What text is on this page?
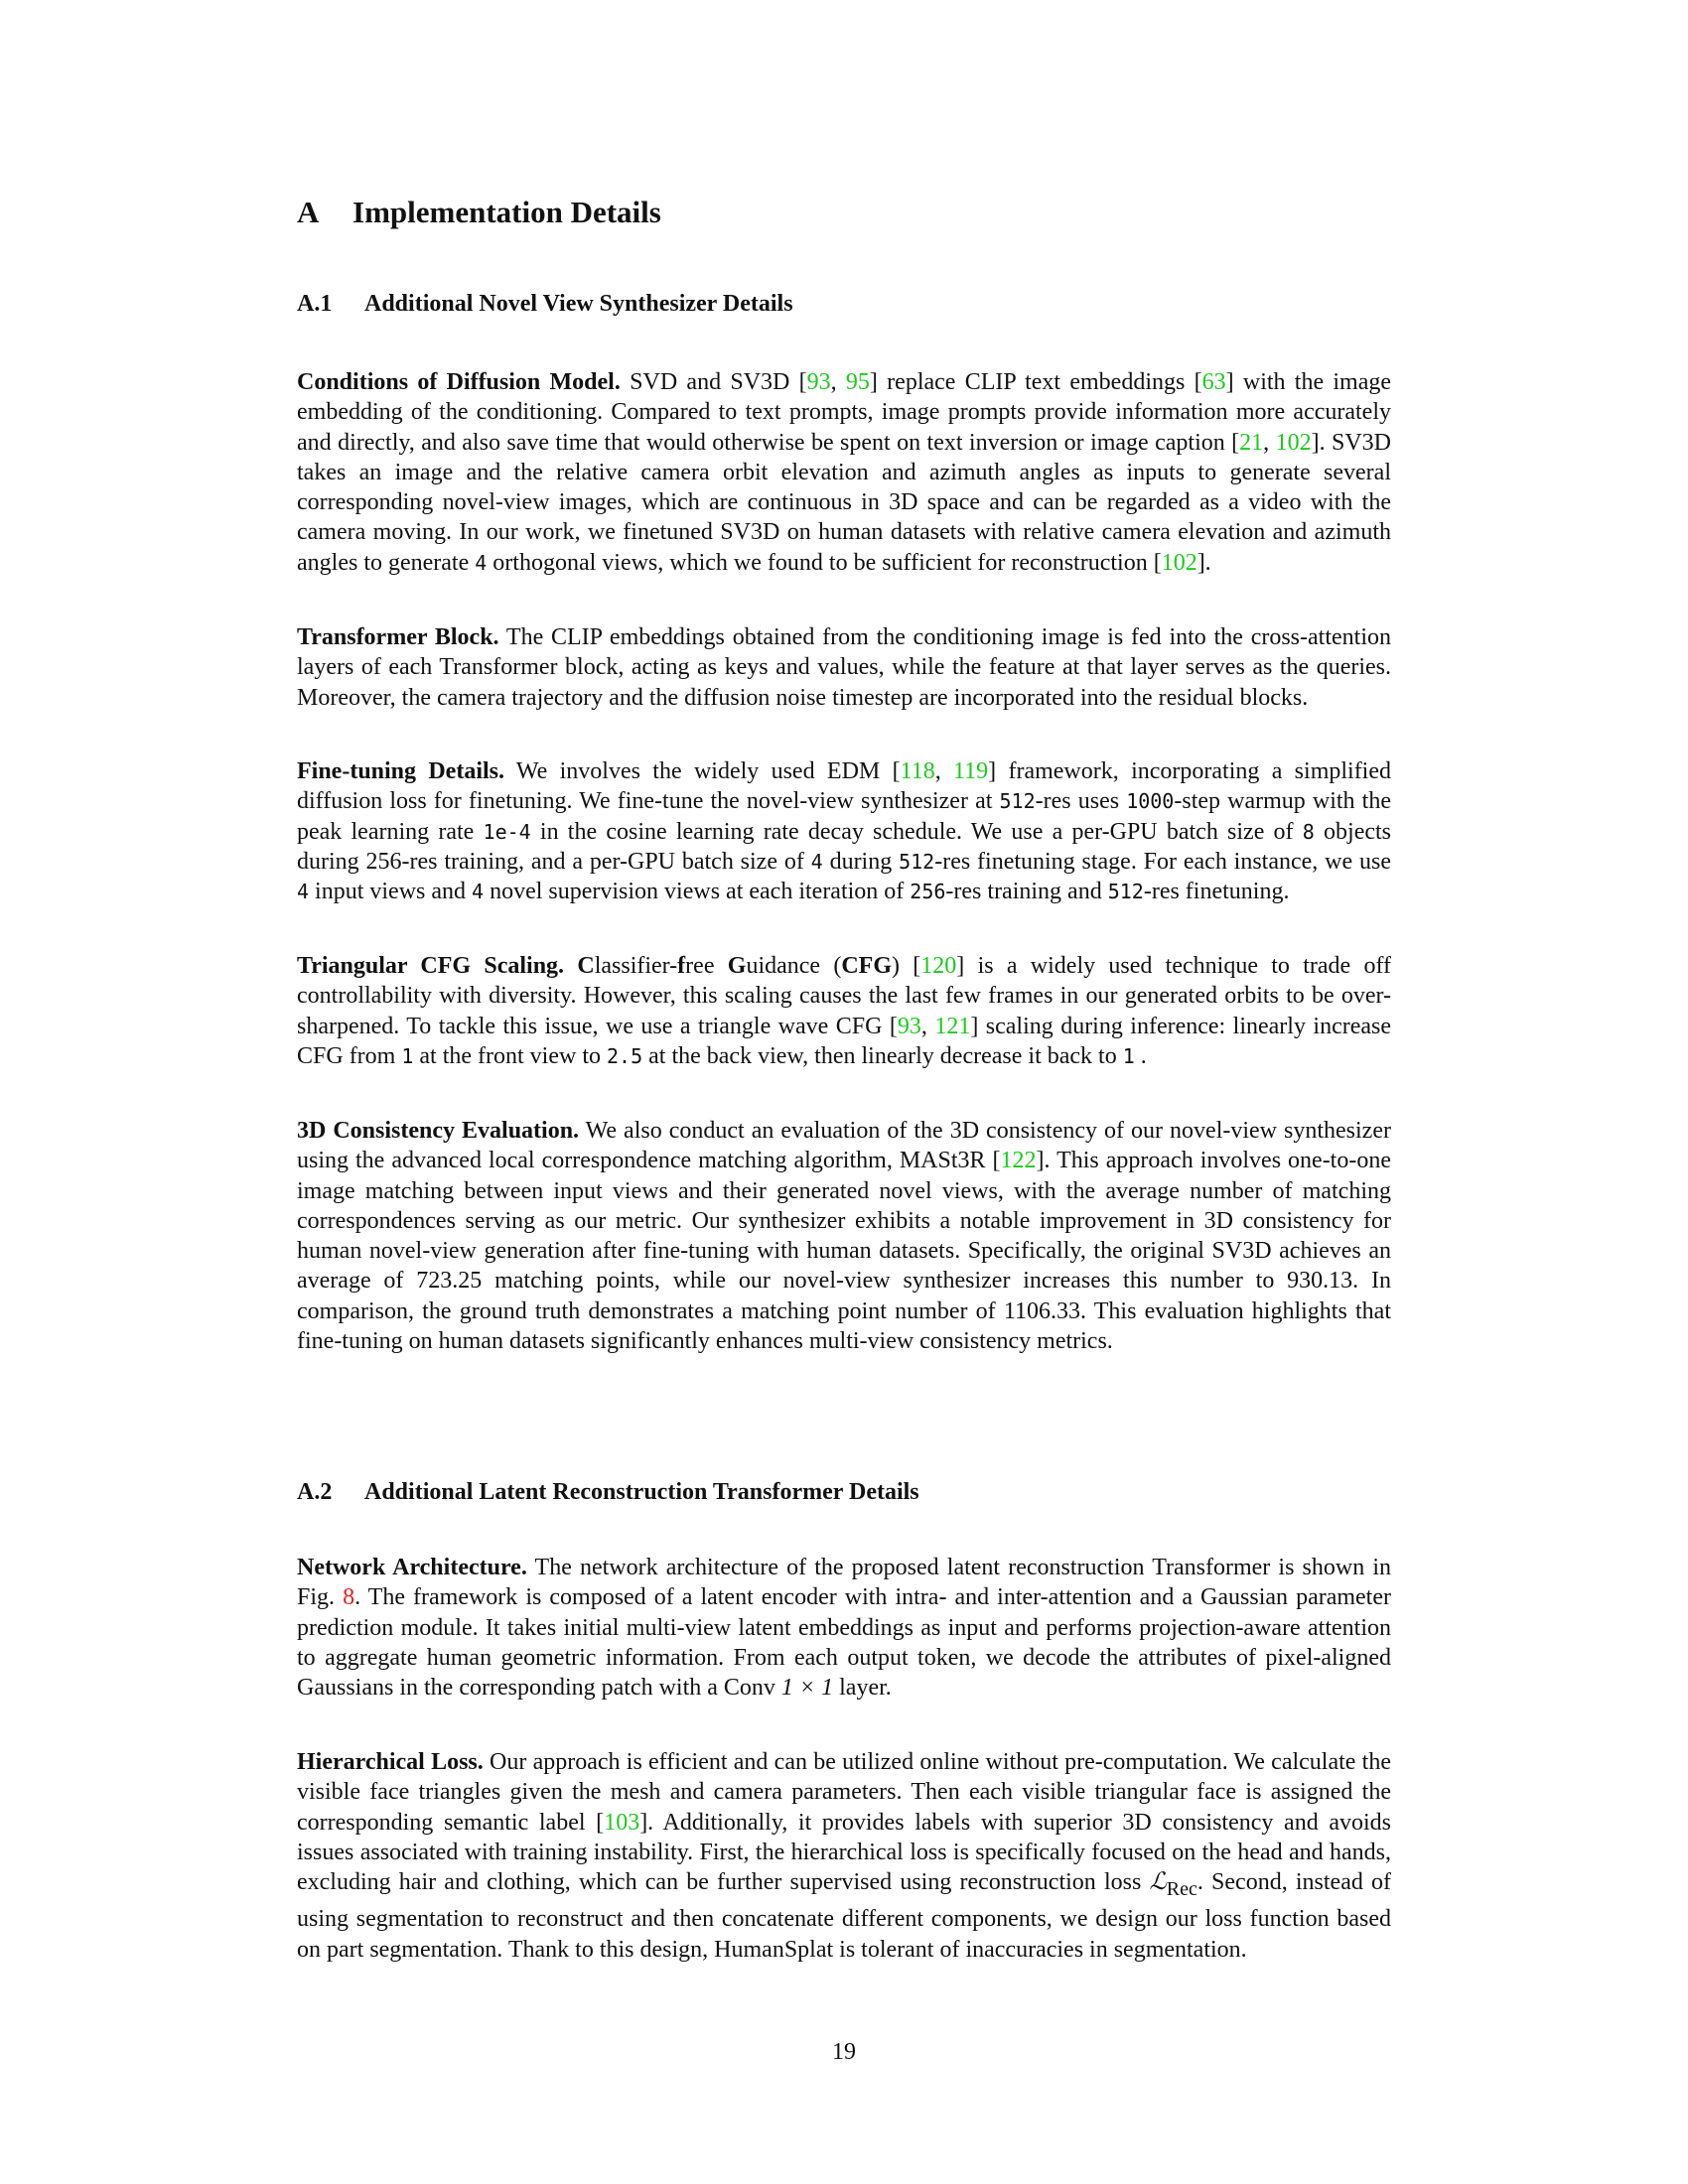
A Implementation Details
A.1 Additional Novel View Synthesizer Details

Conditions of Diffusion Model. SVD and SV3D [93, 95] replace CLIP text embeddings [63] with the image embedding of the conditioning. Compared to text prompts, image prompts provide information more accurately and directly, and also save time that would otherwise be spent on text inversion or image caption [21, 102]. SV3D takes an image and the relative camera orbit elevation and azimuth angles as inputs to generate several corresponding novel-view images, which are continuous in 3D space and can be regarded as a video with the camera moving. In our work, we finetuned SV3D on human datasets with relative camera elevation and azimuth angles to generate 4 orthogonal views, which we found to be sufficient for reconstruction [102].

Transformer Block. The CLIP embeddings obtained from the conditioning image is fed into the cross-attention layers of each Transformer block, acting as keys and values, while the feature at that layer serves as the queries. Moreover, the camera trajectory and the diffusion noise timestep are incorporated into the residual blocks.

Fine-tuning Details. We involves the widely used EDM [118, 119] framework, incorporating a simplified diffusion loss for finetuning. We fine-tune the novel-view synthesizer at 512-res uses 1000-step warmup with the peak learning rate 1e-4 in the cosine learning rate decay schedule. We use a per-GPU batch size of 8 objects during 256-res training, and a per-GPU batch size of 4 during 512-res finetuning stage. For each instance, we use 4 input views and 4 novel supervision views at each iteration of 256-res training and 512-res finetuning.

Triangular CFG Scaling. Classifier-free Guidance (CFG) [120] is a widely used technique to trade off controllability with diversity. However, this scaling causes the last few frames in our generated orbits to be over-sharpened. To tackle this issue, we use a triangle wave CFG [93, 121] scaling during inference: linearly increase CFG from 1 at the front view to 2.5 at the back view, then linearly decrease it back to 1 .

3D Consistency Evaluation. We also conduct an evaluation of the 3D consistency of our novel-view synthesizer using the advanced local correspondence matching algorithm, MASt3R [122]. This approach involves one-to-one image matching between input views and their generated novel views, with the average number of matching correspondences serving as our metric. Our synthesizer exhibits a notable improvement in 3D consistency for human novel-view generation after fine-tuning with human datasets. Specifically, the original SV3D achieves an average of 723.25 matching points, while our novel-view synthesizer increases this number to 930.13. In comparison, the ground truth demonstrates a matching point number of 1106.33. This evaluation highlights that fine-tuning on human datasets significantly enhances multi-view consistency metrics.

A.2 Additional Latent Reconstruction Transformer Details

Network Architecture. The network architecture of the proposed latent reconstruction Transformer is shown in Fig. 8. The framework is composed of a latent encoder with intra- and inter-attention and a Gaussian parameter prediction module. It takes initial multi-view latent embeddings as input and performs projection-aware attention to aggregate human geometric information. From each output token, we decode the attributes of pixel-aligned Gaussians in the corresponding patch with a Conv 1 × 1 layer.

Hierarchical Loss. Our approach is efficient and can be utilized online without pre-computation. We calculate the visible face triangles given the mesh and camera parameters. Then each visible triangular face is assigned the corresponding semantic label [103]. Additionally, it provides labels with superior 3D consistency and avoids issues associated with training instability. First, the hierarchical loss is specifically focused on the head and hands, excluding hair and clothing, which can be further supervised using reconstruction loss ℒ$_{Rec}$. Second, instead of using segmentation to reconstruct and then concatenate different components, we design our loss function based on part segmentation. Thank to this design, HumanSplat is tolerant of inaccuracies in segmentation.

19
